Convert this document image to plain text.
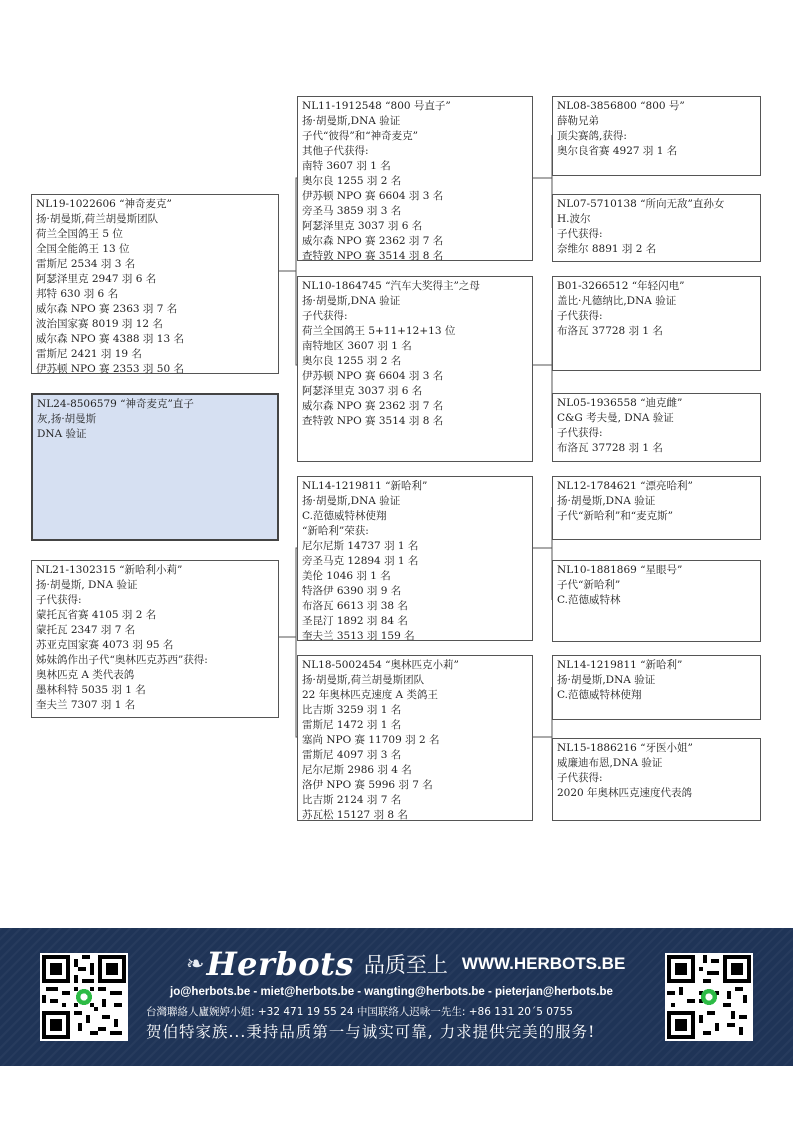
NL24-8506579 “神奇麦克”直子
灰,扬·胡曼斯
DNA 验证
NL19-1022606 “神奇麦克”
扬·胡曼斯,荷兰胡曼斯团队
荷兰全国鸽王 5 位
全国全能鸽王 13 位
雷斯尼 2534 羽 3 名
阿瑟泽里克 2947 羽 6 名
邦特 630 羽 6 名
威尔森 NPO 赛 2363 羽 7 名
波治国家赛 8019 羽 12 名
威尔森 NPO 赛 4388 羽 13 名
雷斯尼 2421 羽 19 名
伊苏顿 NPO 赛 2353 羽 50 名
NL21-1302315 “新哈利小莉”
扬·胡曼斯, DNA 验证
子代获得:
蒙托瓦省赛 4105 羽 2 名
蒙托瓦 2347 羽 7 名
苏亚克国家赛 4073 羽 95 名
姊妹鸽作出子代“奥林匹克苏西”获得:
奥林匹克 A 类代表鸽
墨林科特 5035 羽 1 名
奎夫兰 7307 羽 1 名
NL11-1912548 “800 号直子”
扬·胡曼斯,DNA 验证
子代“彼得”和“神奇麦克”
其他子代获得:
南特 3607 羽 1 名
奥尔良 1255 羽 2 名
伊苏顿 NPO 赛 6604 羽 3 名
旁圣马 3859 羽 3 名
阿瑟泽里克 3037 羽 6 名
威尔森 NPO 赛 2362 羽 7 名
查特敦 NPO 赛 3514 羽 8 名
NL10-1864745 “汽车大奖得主”之母
扬·胡曼斯,DNA 验证
子代获得:
荷兰全国鸽王 5+11+12+13 位
南特地区 3607 羽 1 名
奥尔良 1255 羽 2 名
伊苏顿 NPO 赛 6604 羽 3 名
阿瑟泽里克 3037 羽 6 名
威尔森 NPO 赛 2362 羽 7 名
查特敦 NPO 赛 3514 羽 8 名
NL14-1219811 “新哈利”
扬·胡曼斯,DNA 验证
C.范德威特林使翔
“新哈利”荣获:
尼尔尼斯 14737 羽 1 名
旁圣马克 12894 羽 1 名
美伦 1046 羽 1 名
特洛伊 6390 羽 9 名
布洛瓦 6613 羽 38 名
圣昆汀 1892 羽 84 名
奎夫兰 3513 羽 159 名
NL18-5002454 “奥林匹克小莉”
扬·胡曼斯,荷兰胡曼斯团队
22 年奥林匹克速度 A 类鸽王
比吉斯 3259 羽 1 名
雷斯尼 1472 羽 1 名
塞尚 NPO 赛 11709 羽 2 名
雷斯尼 4097 羽 3 名
尼尔尼斯 2986 羽 4 名
洛伊 NPO 赛 5996 羽 7 名
比吉斯 2124 羽 7 名
苏瓦松 15127 羽 8 名
NL08-3856800 “800 号”
薛勒兄弟
顶尖赛鸽,获得:
奥尔良省赛 4927 羽 1 名
NL07-5710138 “所向无敌”直孙女
H.波尔
子代获得:
奈维尔 8891 羽 2 名
B01-3266512 “年轻闪电”
盖比·凡德纳比,DNA 验证
子代获得:
布洛瓦 37728 羽 1 名
NL05-1936558 “迪克雌”
C&G 考夫曼, DNA 验证
子代获得:
布洛瓦 37728 羽 1 名
NL12-1784621 “漂亮哈利”
扬·胡曼斯,DNA 验证
子代“新哈利”和“麦克斯”
NL10-1881869 “星眼号”
子代“新哈利”
C.范德威特林
NL14-1219811 “新哈利”
扬·胡曼斯,DNA 验证
C.范德威特林使翔
NL15-1886216 “牙医小姐”
威廉迪布恩,DNA 验证
子代获得:
2020 年奥林匹克速度代表鸽
❧ Herbots 品质至上 WWW.HERBOTS.BE
jo@herbots.be - miet@herbots.be - wangting@herbots.be - pieterjan@herbots.be
台灣聯絡人廬婉婷小姐: +32 471 19 55 24 中国联络人迟咏一先生: +86 131 20´5 0755
贺伯特家族...秉持品质第一与诚实可靠, 力求提供完美的服务!
